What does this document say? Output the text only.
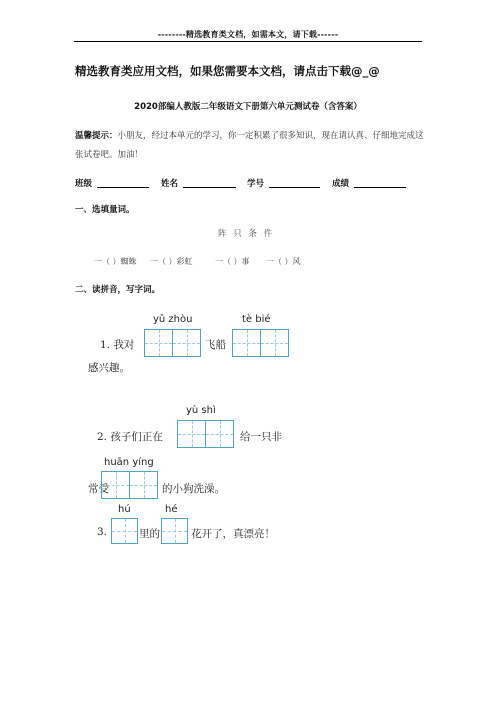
--------精选教育类文档，如需本文，请下载------
精选教育类应用文档，如果您需要本文档，请点击下载@_@
2020部编人教版二年级语文下册第六单元测试卷（含答案）
温馨提示：小朋友，经过本单元的学习，你一定积累了很多知识，现在请认真、仔细地完成这张试卷吧。加油！
班级	姓名	学号	成绩
一、选填量词。
阵 只 条 件
一（ ）蜘蛛 一（ ）彩虹	一（ ）事 一（ ）风
二、读拼音，写字词。
yǔ zhòu	tè bié
1. 我对	飞船
感兴趣。
yù shì
2. 孩子们正在	给一只非
huān yíng
常受	的小狗洗澡。
hú	hé
3.	里的	花开了，真漂亮！
